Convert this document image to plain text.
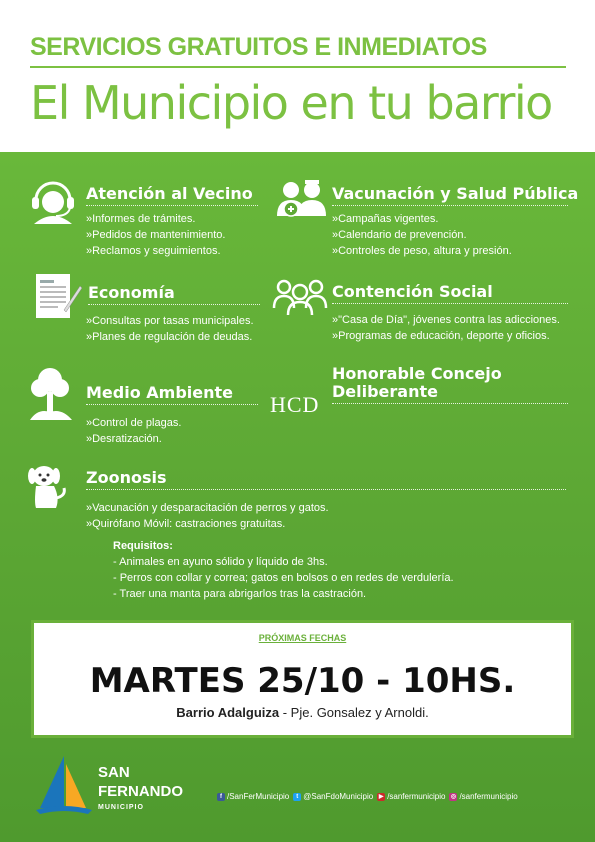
SERVICIOS GRATUITOS E INMEDIATOS
El Municipio en tu barrio
Atención al Vecino
»Informes de trámites.
»Pedidos de mantenimiento.
»Reclamos y seguimientos.
Vacunación y Salud Pública
»Campañas vigentes.
»Calendario de prevención.
»Controles de peso, altura y presión.
Economía
»Consultas por tasas municipales.
»Planes de regulación de deudas.
Contención Social
»"Casa de Día", jóvenes contra las adicciones.
»Programas de educación, deporte y oficios.
Medio Ambiente
»Control de plagas.
»Desratización.
HCD
Honorable Concejo
Deliberante
Zoonosis
»Vacunación y desparacitación de perros y gatos.
»Quirófano Móvil: castraciones gratuitas.
Requisitos:
- Animales en ayuno sólido y líquido de 3hs.
- Perros con collar y correa; gatos en bolsos o en redes de verdulería.
- Traer una manta para abrigarlos tras la castración.
PRÓXIMAS FECHAS
MARTES 25/10 - 10HS.
Barrio Adalguiza - Pje. Gonsalez y Arnoldi.
SAN
FERNANDO
MUNICIPIO
f /SanFerMunicipio	t @SanFdoMunicipio ▶ /sanfermunicipio ◎ /sanfermunicipio
